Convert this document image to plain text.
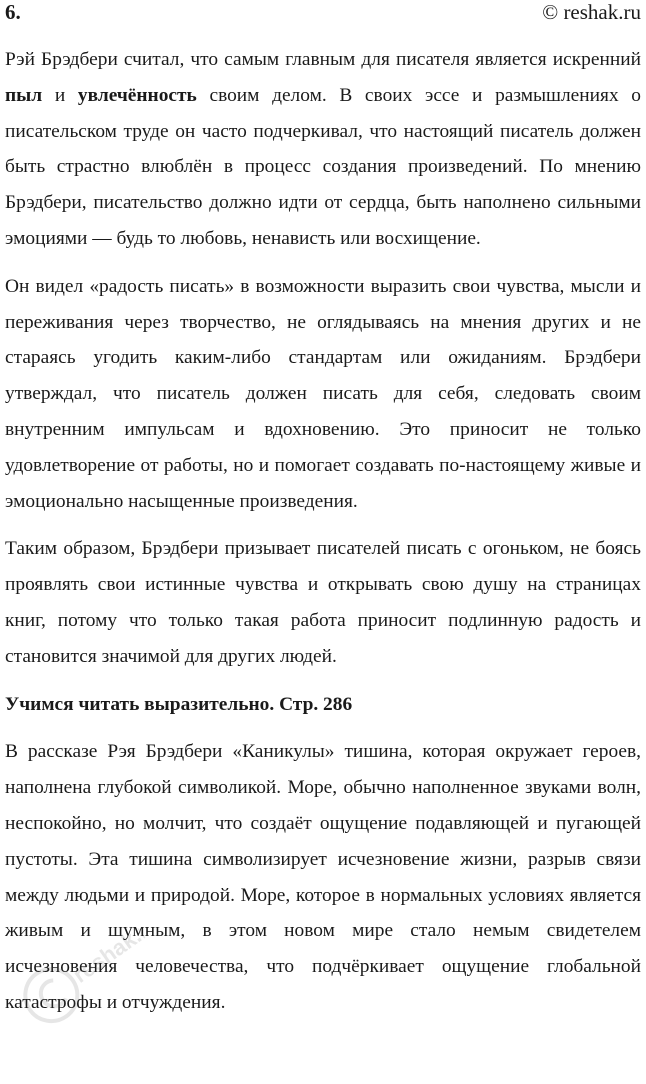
6.	© reshak.ru

Рэй Брэдбери считал, что самым главным для писателя является искренний пыл и увлечённость своим делом. В своих эссе и размышлениях о писательском труде он часто подчеркивал, что настоящий писатель должен быть страстно влюблён в процесс создания произведений. По мнению Брэдбери, писательство должно идти от сердца, быть наполнено сильными эмоциями — будь то любовь, ненависть или восхищение.

Он видел «радость писать» в возможности выразить свои чувства, мысли и переживания через творчество, не оглядываясь на мнения других и не стараясь угодить каким-либо стандартам или ожиданиям. Брэдбери утверждал, что писатель должен писать для себя, следовать своим внутренним импульсам и вдохновению. Это приносит не только удовлетворение от работы, но и помогает создавать по-настоящему живые и эмоционально насыщенные произведения.

Таким образом, Брэдбери призывает писателей писать с огоньком, не боясь проявлять свои истинные чувства и открывать свою душу на страницах книг, потому что только такая работа приносит подлинную радость и становится значимой для других людей.

Учимся читать выразительно. Стр. 286

В рассказе Рэя Брэдбери «Каникулы» тишина, которая окружает героев, наполнена глубокой символикой. Море, обычно наполненное звуками волн, неспокойно, но молчит, что создаёт ощущение подавляющей и пугающей пустоты. Эта тишина символизирует исчезновение жизни, разрыв связи между людьми и природой. Море, которое в нормальных условиях является живым и шумным, в этом новом мире стало немым свидетелем исчезновения человечества, что подчёркивает ощущение глобальной катастрофы и отчуждения.

reshak.ru
